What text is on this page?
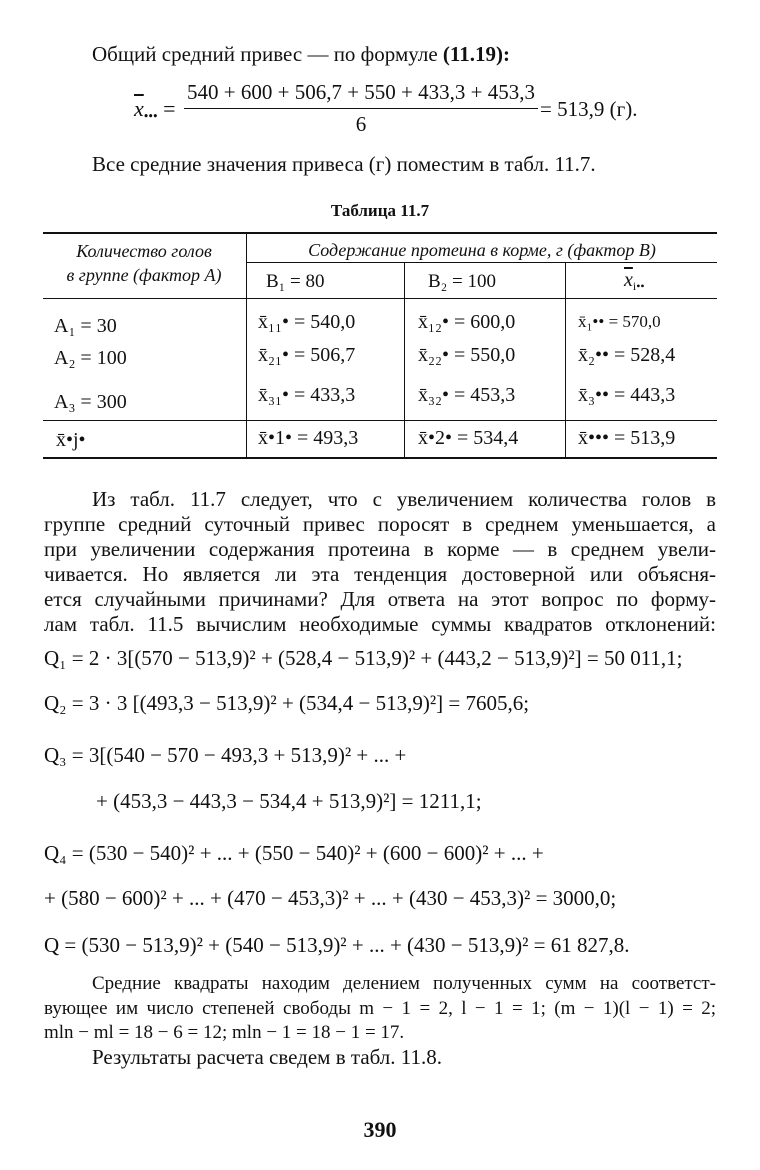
Общий средний привес — по формуле (11.19):
$\overline{x}_{•••}$ =
540 + 600 + 506,7 + 550 + 433,3 + 453,3
6
= 513,9 (г).
Все средние значения привеса (г) поместим в табл. 11.7.
Таблица 11.7
Количество голов
в группе (фактор А)
Содержание протеина в корме, г (фактор В)
B₁ = 80	B₂ = 100	$\overline{x}_{i••}$
A₁ = 30	x̄₁₁• = 540,0	x̄₁₂• = 600,0	x̄₁•• = 570,0
A₂ = 100	x̄₂₁• = 506,7	x̄₂₂• = 550,0	x̄₂•• = 528,4
A₃ = 300	x̄₃₁• = 433,3	x̄₃₂• = 453,3	x̄₃•• = 443,3
x̄•j•	x̄•1• = 493,3	x̄•2• = 534,4	x̄••• = 513,9
Из табл. 11.7 следует, что с увеличением количества голов в
группе средний суточный привес поросят в среднем уменьшается, а
при увеличении содержания протеина в корме — в среднем увели-
чивается. Но является ли эта тенденция достоверной или объясня-
ется случайными причинами? Для ответа на этот вопрос по форму-
лам табл. 11.5 вычислим необходимые суммы квадратов отклонений:
Q₁ = 2 · 3[(570 − 513,9)² + (528,4 − 513,9)² + (443,2 − 513,9)²] = 50 011,1;
Q₂ = 3 · 3 [(493,3 − 513,9)² + (534,4 − 513,9)²] = 7605,6;
Q₃ = 3[(540 − 570 − 493,3 + 513,9)² + ... +
+ (453,3 − 443,3 − 534,4 + 513,9)²] = 1211,1;
Q₄ = (530 − 540)² + ... + (550 − 540)² + (600 − 600)² + ... +
+ (580 − 600)² + ... + (470 − 453,3)² + ... + (430 − 453,3)² = 3000,0;
Q = (530 − 513,9)² + (540 − 513,9)² + ... + (430 − 513,9)² = 61 827,8.
Средние квадраты находим делением полученных сумм на соответст-
вующее им число степеней свободы m − 1 = 2, l − 1 = 1; (m − 1)(l − 1) = 2;
mln − ml = 18 − 6 = 12; mln − 1 = 18 − 1 = 17.
Результаты расчета сведем в табл. 11.8.
390
